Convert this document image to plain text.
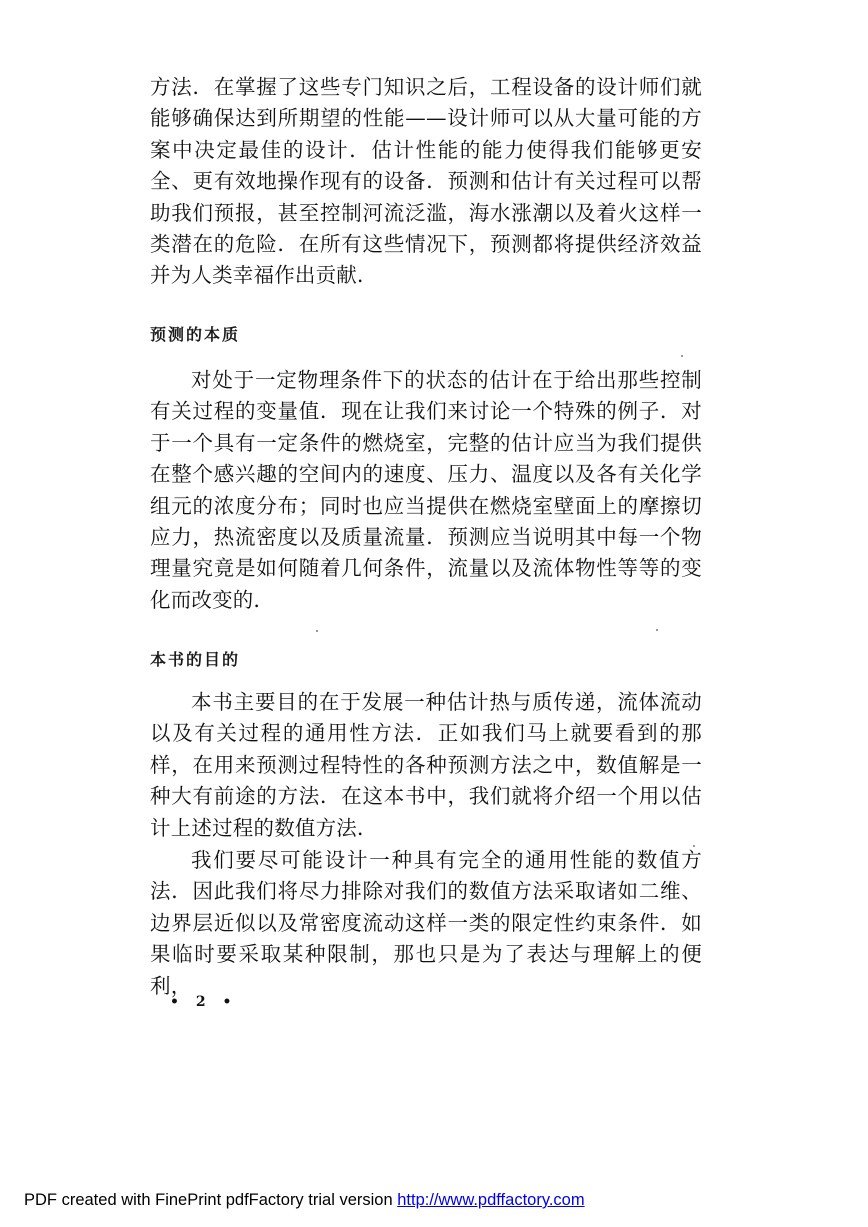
方法．在掌握了这些专门知识之后，工程设备的设计师们就能够确保达到所期望的性能——设计师可以从大量可能的方案中决定最佳的设计．估计性能的能力使得我们能够更安全、更有效地操作现有的设备．预测和估计有关过程可以帮助我们预报，甚至控制河流泛滥，海水涨潮以及着火这样一类潜在的危险．在所有这些情况下，预测都将提供经济效益并为人类幸福作出贡献．

预测的本质

对处于一定物理条件下的状态的估计在于给出那些控制有关过程的变量值．现在让我们来讨论一个特殊的例子．对于一个具有一定条件的燃烧室，完整的估计应当为我们提供在整个感兴趣的空间内的速度、压力、温度以及各有关化学组元的浓度分布；同时也应当提供在燃烧室壁面上的摩擦切应力，热流密度以及质量流量．预测应当说明其中每一个物理量究竟是如何随着几何条件，流量以及流体物性等等的变化而改变的．

本书的目的

本书主要目的在于发展一种估计热与质传递，流体流动以及有关过程的通用性方法．正如我们马上就要看到的那样，在用来预测过程特性的各种预测方法之中，数值解是一种大有前途的方法．在这本书中，我们就将介绍一个用以估计上述过程的数值方法．

我们要尽可能设计一种具有完全的通用性能的数值方法．因此我们将尽力排除对我们的数值方法采取诸如二维、边界层近似以及常密度流动这样一类的限定性约束条件．如果临时要采取某种限制，那也只是为了表达与理解上的便利，

• 2 •
PDF created with FinePrint pdfFactory trial version http://www.pdffactory.com
